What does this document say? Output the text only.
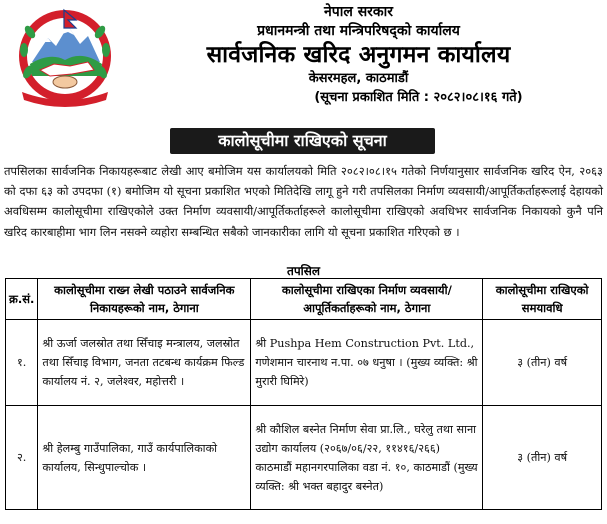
नेपाल सरकार
प्रधानमन्त्री तथा मन्त्रिपरिषद्को कार्यालय
सार्वजनिक खरिद अनुगमन कार्यालय
केसरमहल, काठमाडौं
(सूचना प्रकाशित मिति : २०८२।०८।१६ गते)
कालोसूचीमा राखिएको सूचना
तपसिलका सार्वजनिक निकायहरूबाट लेखी आए बमोजिम यस कार्यालयको मिति २०८२।०८।१५ गतेको निर्णयानुसार सार्वजनिक खरिद ऐन, २०६३ को दफा ६३ को उपदफा (१) बमोजिम यो सूचना प्रकाशित भएको मितिदेखि लागू हुने गरी तपसिलका निर्माण व्यवसायी/आपूर्तिकर्ताहरूलाई देहायको अवधिसम्म कालोसूचीमा राखिएकोले उक्त निर्माण व्यवसायी/आपूर्तिकर्ताहरूले कालोसूचीमा राखिएको अवधिभर सार्वजनिक निकायको कुनै पनि खरिद कारबाहीमा भाग लिन नसक्ने व्यहोरा सम्बन्धित सबैको जानकारीका लागि यो सूचना प्रकाशित गरिएको छ ।
तपसिल
क्र.सं.	कालोसूचीमा राख्न लेखी पठाउने सार्वजनिक निकायहरूको नाम, ठेगाना	कालोसूचीमा राखिएका निर्माण व्यवसायी/आपूर्तिकर्ताहरूको नाम, ठेगाना	कालोसूचीमा राखिएको समयावधि
१.	श्री ऊर्जा जलस्रोत तथा सिँचाइ मन्त्रालय, जलस्रोत तथा सिँचाइ विभाग, जनता तटबन्ध कार्यक्रम फिल्ड कार्यालय नं. २, जलेश्वर, महोत्तरी ।	श्री Pushpa Hem Construction Pvt. Ltd., गणेशमान चारनाथ न.पा. ०७ धनुषा । (मुख्य व्यक्ति: श्री मुरारी घिमिरे)	३ (तीन) वर्ष
२.	श्री हेलम्बु गाउँपालिका, गाउँ कार्यपालिकाको कार्यालय, सिन्धुपाल्चोक ।	श्री कौशिल बस्नेत निर्माण सेवा प्रा.लि., घरेलु तथा साना उद्योग कार्यालय (२०६७/०६/२२, ११४१६/२६६) काठमाडौं महानगरपालिका वडा नं. १०, काठमाडौं (मुख्य व्यक्ति: श्री भक्त बहादुर बस्नेत)	३ (तीन) वर्ष
